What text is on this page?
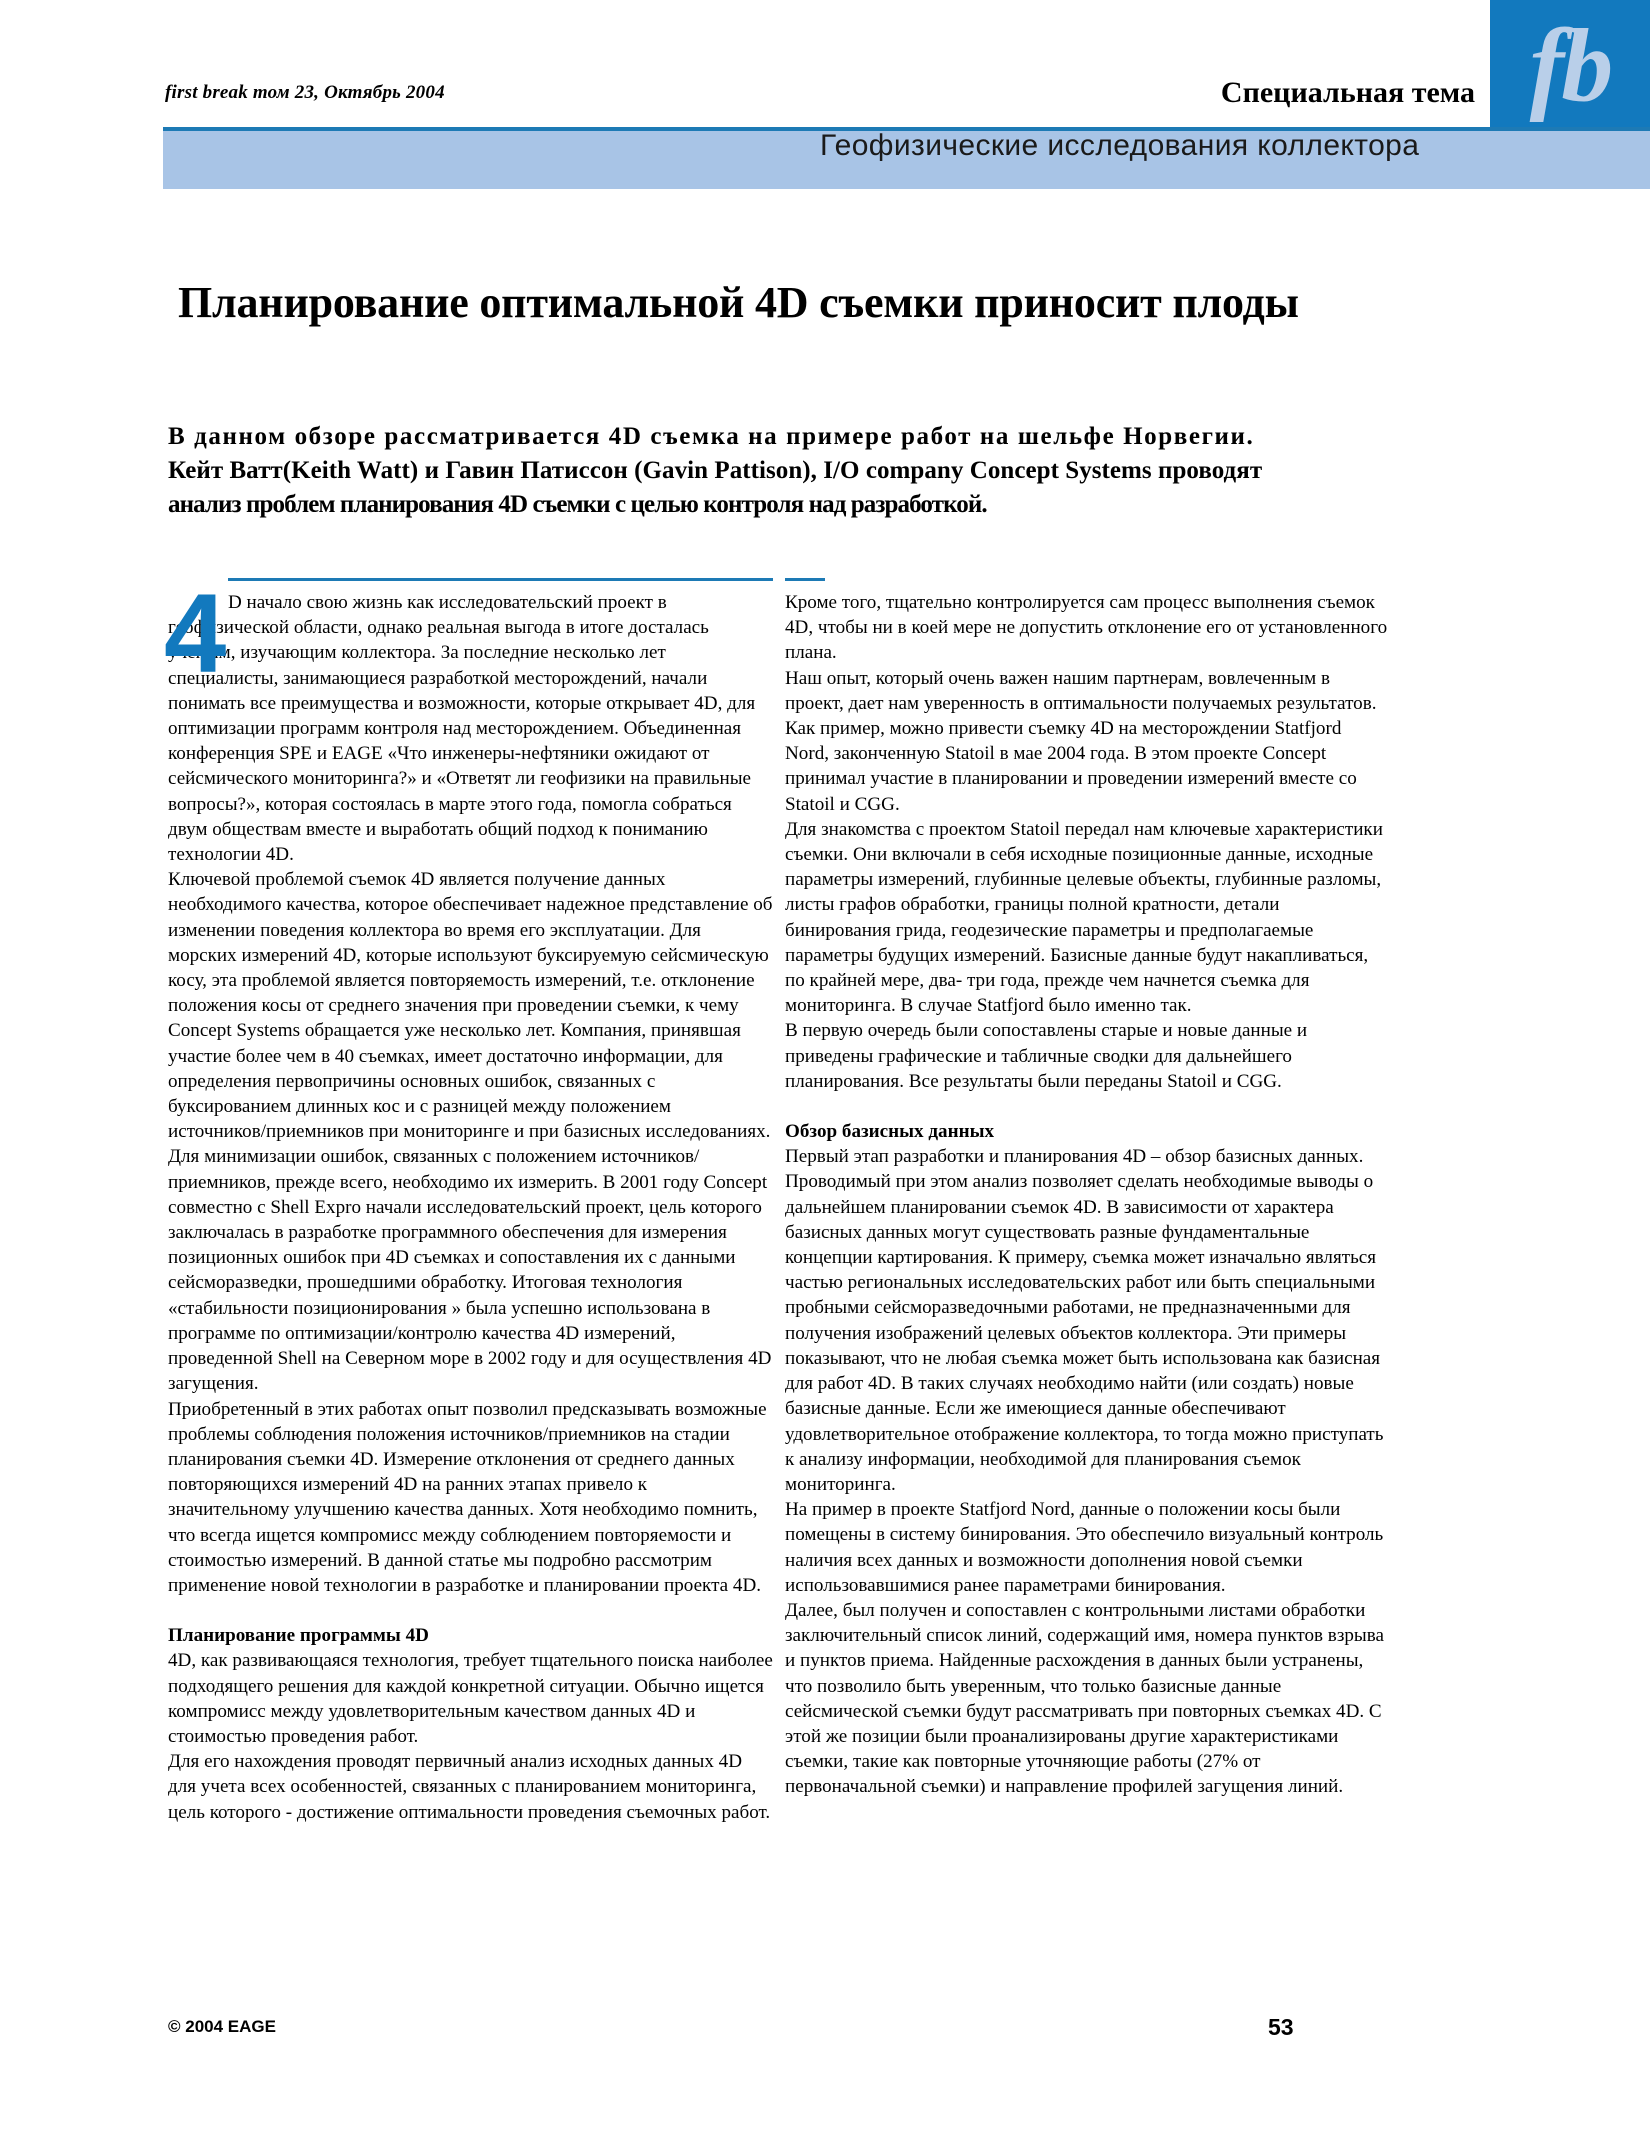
first break том 23, Октябрь 2004	Специальная тема fb
Геофизические исследования коллектора
Планирование оптимальной 4D съемки приносит плоды
В данном обзоре рассматривается 4D съемка на примере работ на шельфе Норвегии.
Кейт Ватт(Keith Watt) и Гавин Патиссон (Gavin Pattison), I/O company Concept Systems проводят
анализ проблем планирования 4D съемки с целью контроля над разработкой.
4 D начало свою жизнь как исследовательский проект в геофизической области, однако реальная выгода в итоге досталась ученым, изучающим коллектора. За последние несколько лет специалисты, занимающиеся разработкой месторождений, начали понимать все преимущества и возможности, которые открывает 4D, для оптимизации программ контроля над месторождением. Объединенная конференция SPE и EAGE «Что инженеры-нефтяники ожидают от сейсмического мониторинга?» и «Ответят ли геофизики на правильные вопросы?», которая состоялась в марте этого года, помогла собраться двум обществам вместе и выработать общий подход к пониманию технологии 4D.

Ключевой проблемой съемок 4D является получение данных необходимого качества, которое обеспечивает надежное представление об изменении поведения коллектора во время его эксплуатации. Для морских измерений 4D, которые используют буксируемую сейсмическую косу, эта проблемой является повторяемость измерений, т.е. отклонение положения косы от среднего значения при проведении съемки, к чему Concept Systems обращается уже несколько лет. Компания, принявшая участие более чем в 40 съемках, имеет достаточно информации, для определения первопричины основных ошибок, связанных с буксированием длинных кос и с разницей между положением источников/приемников при мониторинге и при базисных исследованиях.

Для минимизации ошибок, связанных с положением источников/приемников, прежде всего, необходимо их измерить. В 2001 году Concept совместно с Shell Expro начали исследовательский проект, цель которого заключалась в разработке программного обеспечения для измерения позиционных ошибок при 4D съемках и сопоставления их с данными сейсморазведки, прошедшими обработку. Итоговая технология «стабильности позиционирования » была успешно использована в программе по оптимизации/контролю качества 4D измерений, проведенной Shell на Северном море в 2002 году и для осуществления 4D загущения.

Приобретенный в этих работах опыт позволил предсказывать возможные проблемы соблюдения положения источников/приемников на стадии планирования съемки 4D. Измерение отклонения от среднего данных повторяющихся измерений 4D на ранних этапах привело к значительному улучшению качества данных. Хотя необходимо помнить, что всегда ищется компромисс между соблюдением повторяемости и стоимостью измерений. В данной статье мы подробно рассмотрим применение новой технологии в разработке и планировании проекта 4D.

Планирование программы 4D

4D, как развивающаяся технология, требует тщательного поиска наиболее подходящего решения для каждой конкретной ситуации. Обычно ищется компромисс между удовлетворительным качеством данных 4D и стоимостью проведения работ.

Для его нахождения проводят первичный анализ исходных данных 4D для учета всех особенностей, связанных с планированием мониторинга, цель которого - достижение оптимальности проведения съемочных работ.

Кроме того, тщательно контролируется сам процесс выполнения съемок 4D, чтобы ни в коей мере не допустить отклонение его от установленного плана.

Наш опыт, который очень важен нашим партнерам, вовлеченным в проект, дает нам уверенность в оптимальности получаемых результатов. Как пример, можно привести съемку 4D на месторождении Statfjord Nord, законченную Statoil в мае 2004 года. В этом проекте Concept принимал участие в планировании и проведении измерений вместе со Statoil и CGG.

Для знакомства с проектом Statoil передал нам ключевые характеристики съемки. Они включали в себя исходные позиционные данные, исходные параметры измерений, глубинные целевые объекты, глубинные разломы, листы графов обработки, границы полной кратности, детали бинирования грида, геодезические параметры и предполагаемые параметры будущих измерений. Базисные данные будут накапливаться, по крайней мере, два- три года, прежде чем начнется съемка для мониторинга. В случае Statfjord было именно так.

В первую очередь были сопоставлены старые и новые данные и приведены графические и табличные сводки для дальнейшего планирования. Все результаты были переданы Statoil и CGG.

Обзор базисных данных

Первый этап разработки и планирования 4D – обзор базисных данных. Проводимый при этом анализ позволяет сделать необходимые выводы о дальнейшем планировании съемок 4D. В зависимости от характера базисных данных могут существовать разные фундаментальные концепции картирования. К примеру, съемка может изначально являться частью региональных исследовательских работ или быть специальными пробными сейсморазведочными работами, не предназначенными для получения изображений целевых объектов коллектора. Эти примеры показывают, что не любая съемка может быть использована как базисная для работ 4D. В таких случаях необходимо найти (или создать) новые базисные данные. Если же имеющиеся данные обеспечивают удовлетворительное отображение коллектора, то тогда можно приступать к анализу информации, необходимой для планирования съемок мониторинга.

На пример в проекте Statfjord Nord, данные о положении косы были помещены в систему бинирования. Это обеспечило визуальный контроль наличия всех данных и возможности дополнения новой съемки использовавшимися ранее параметрами бинирования.

Далее, был получен и сопоставлен с контрольными листами обработки заключительный список линий, содержащий имя, номера пунктов взрыва и пунктов приема. Найденные расхождения в данных были устранены, что позволило быть уверенным, что только базисные данные сейсмической съемки будут рассматривать при повторных съемках 4D. С этой же позиции были проанализированы другие характеристиками съемки, такие как повторные уточняющие работы (27% от первоначальной съемки) и направление профилей загущения линий.

© 2004 EAGE	53
